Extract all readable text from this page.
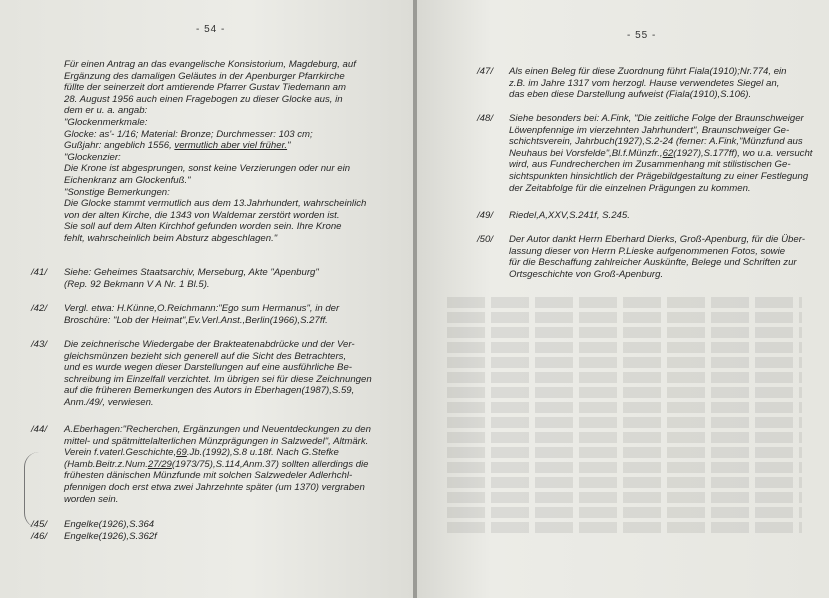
- 54 -
Für einen Antrag an das evangelische Konsistorium, Magdeburg, auf
Ergänzung des damaligen Geläutes in der Apenburger Pfarrkirche
füllte der seinerzeit dort amtierende Pfarrer Gustav Tiedemann am
28. August 1956 auch einen Fragebogen zu dieser Glocke aus, in
dem er u. a. angab:
"Glockenmerkmale:
Glocke: as'- 1/16; Material: Bronze; Durchmesser: 103 cm;
Gußjahr: angeblich 1556, vermutlich aber viel früher."
"Glockenzier:
Die Krone ist abgesprungen, sonst keine Verzierungen oder nur ein
Eichenkranz am Glockenfuß."
"Sonstige Bemerkungen:
Die Glocke stammt vermutlich aus dem 13.Jahrhundert, wahrscheinlich
von der alten Kirche, die 1343 von Waldemar zerstört worden ist.
Sie soll auf dem Alten Kirchhof gefunden worden sein. Ihre Krone
fehlt, wahrscheinlich beim Absturz abgeschlagen."
/41/	Siehe: Geheimes Staatsarchiv, Merseburg, Akte "Apenburg"
(Rep. 92 Bekmann V A Nr. 1 Bl.5).
/42/	Vergl. etwa: H.Künne,O.Reichmann:"Ego sum Hermanus", in der
Broschüre: "Lob der Heimat",Ev.Verl.Anst.,Berlin(1966),S.27ff.
/43/	Die zeichnerische Wiedergabe der Brakteatenabdrücke und der Ver-
gleichsmünzen bezieht sich generell auf die Sicht des Betrachters,
und es wurde wegen dieser Darstellungen auf eine ausführliche Be-
schreibung im Einzelfall verzichtet. Im übrigen sei für diese Zeichnungen
auf die früheren Bemerkungen des Autors in Eberhagen(1987),S.59,
Anm./49/, verwiesen.
/44/	A.Eberhagen:"Recherchen, Ergänzungen und Neuentdeckungen zu den
mittel- und spätmittelalterlichen Münzprägungen in Salzwedel", Altmärk.
Verein f.vaterl.Geschichte,69.Jb.(1992),S.8 u.18f. Nach G.Stefke
(Hamb.Beitr.z.Num.27/29(1973/75),S.114,Anm.37) sollten allerdings die
frühesten dänischen Münzfunde mit solchen Salzwedeler Adlerhchl-
pfennigen doch erst etwa zwei Jahrzehnte später (um 1370) vergraben
worden sein.
/45/	Engelke(1926),S.364
/46/	Engelke(1926),S.362f
- 55 -
/47/	Als einen Beleg für diese Zuordnung führt Fiala(1910);Nr.774, ein
z.B. im Jahre 1317 vom herzogl. Hause verwendetes Siegel an,
das eben diese Darstellung aufweist (Fiala(1910),S.106).
/48/	Siehe besonders bei: A.Fink, "Die zeitliche Folge der Braunschweiger
Löwenpfennige im vierzehnten Jahrhundert", Braunschweiger Ge-
schichtsverein, Jahrbuch(1927),S.2-24 (ferner: A.Fink,"Münzfund aus
Neuhaus bei Vorsfelde",Bl.f.Münzfr.,62(1927),S.177ff), wo u.a. versucht
wird, aus Fundrecherchen im Zusammenhang mit stilistischen Ge-
sichtspunkten hinsichtlich der Prägebildgestaltung zu einer Festlegung
der Zeitabfolge für die einzelnen Prägungen zu kommen.
/49/	Riedel,A,XXV,S.241f, S.245.
/50/	Der Autor dankt Herrn Eberhard Dierks, Groß-Apenburg, für die Über-
lassung dieser von Herrn P.Lieske aufgenommenen Fotos, sowie
für die Beschaffung zahlreicher Auskünfte, Belege und Schriften zur
Ortsgeschichte von Groß-Apenburg.
